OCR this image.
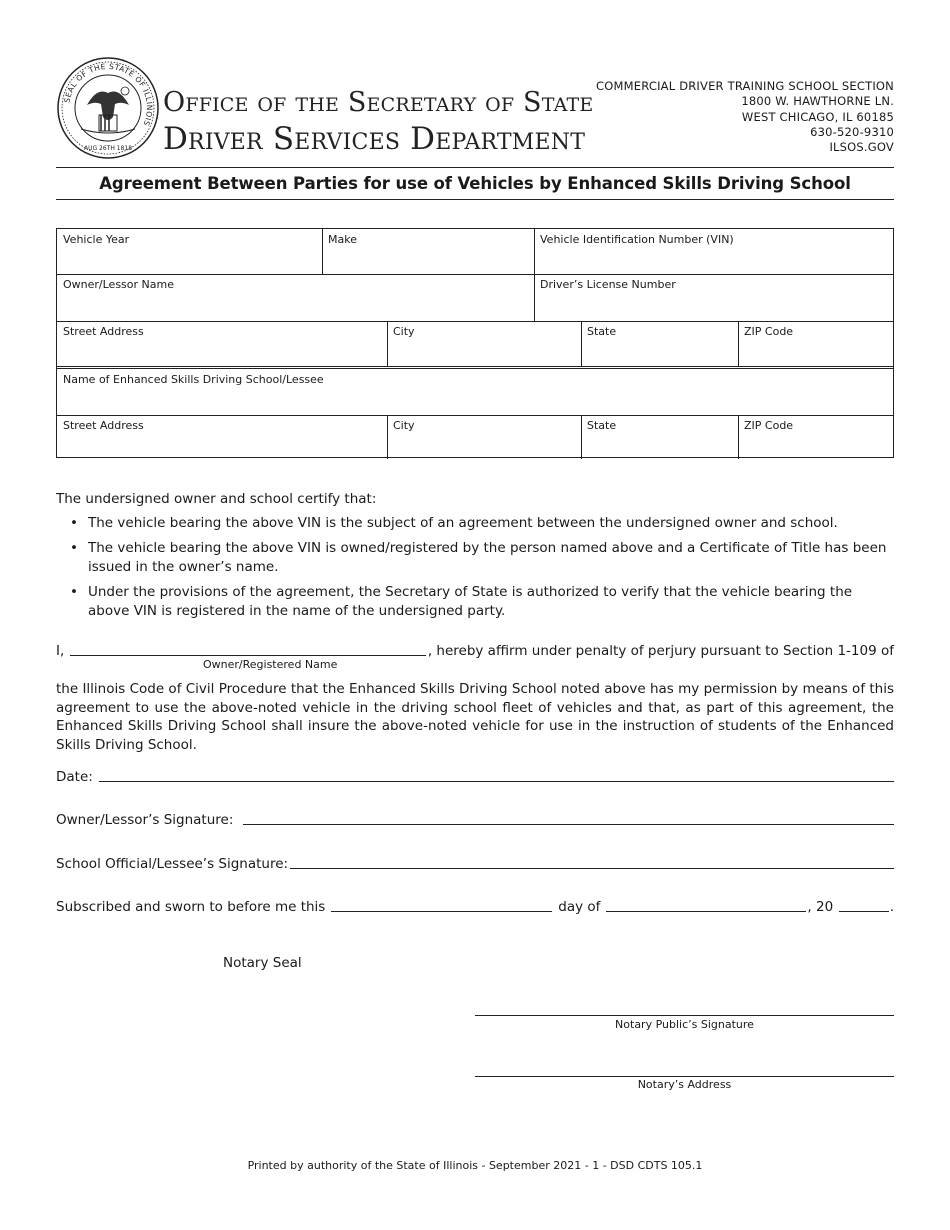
SEAL OF THE STATE OF ILLINOIS
AUG 26TH 1818
Office of the Secretary of State
Driver Services Department
COMMERCIAL DRIVER TRAINING SCHOOL SECTION
1800 W. HAWTHORNE LN.
WEST CHICAGO, IL 60185
630-520-9310
ILSOS.GOV
Agreement Between Parties for use of Vehicles by Enhanced Skills Driving School
Vehicle Year	Make	Vehicle Identification Number (VIN)
Owner/Lessor Name	Driver’s License Number
Street Address	City	State	ZIP Code
Name of Enhanced Skills Driving School/Lessee
Street Address	City	State	ZIP Code
The undersigned owner and school certify that:
• The vehicle bearing the above VIN is the subject of an agreement between the undersigned owner and school.
• The vehicle bearing the above VIN is owned/registered by the person named above and a Certificate of Title has been issued in the owner’s name.
• Under the provisions of the agreement, the Secretary of State is authorized to verify that the vehicle bearing the above VIN is registered in the name of the undersigned party.
I,	, hereby affirm under penalty of perjury pursuant to Section 1-109 of
Owner/Registered Name
the Illinois Code of Civil Procedure that the Enhanced Skills Driving School noted above has my permission by means of this agreement to use the above-noted vehicle in the driving school fleet of vehicles and that, as part of this agreement, the Enhanced Skills Driving School shall insure the above-noted vehicle for use in the instruction of students of the Enhanced Skills Driving School.
Date:
Owner/Lessor’s Signature:
School Official/Lessee’s Signature:
Subscribed and sworn to before me this	day of	, 20	.
Notary Seal
Notary Public’s Signature
Notary’s Address
Printed by authority of the State of Illinois - September 2021 - 1 - DSD CDTS 105.1
